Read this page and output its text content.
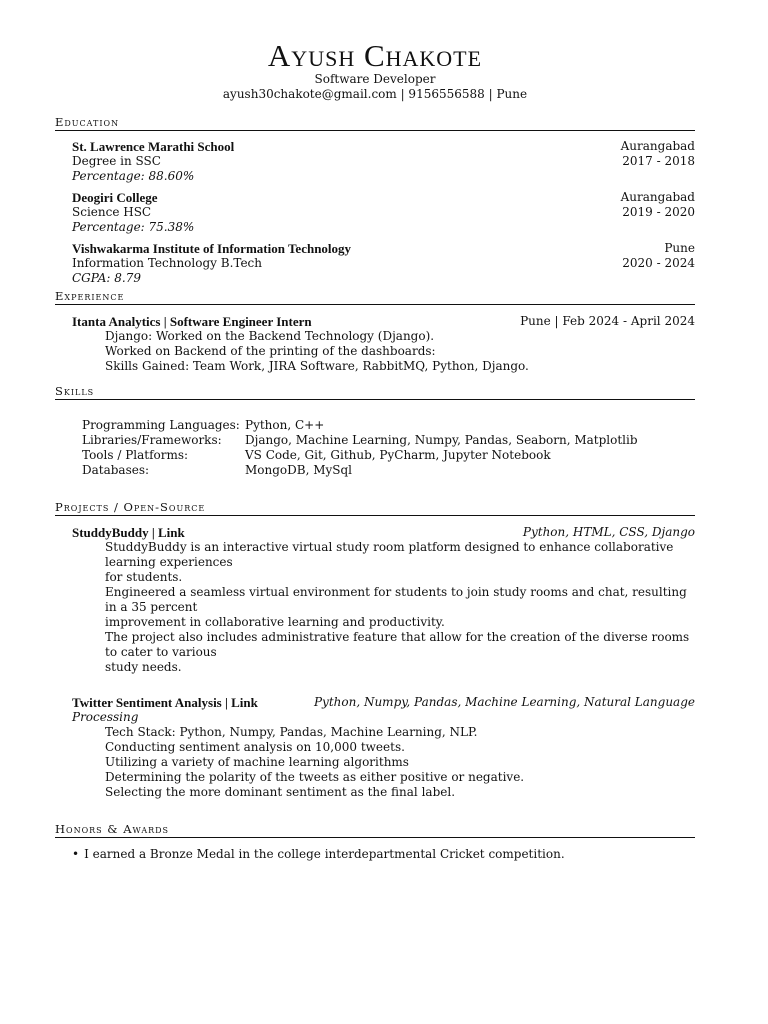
Ayush Chakote
Software Developer
ayush30chakote@gmail.com | 9156556588 | Pune
Education
St. Lawrence Marathi School	Aurangabad
Degree in SSC	2017 - 2018
Percentage: 88.60%
Deogiri College	Aurangabad
Science HSC	2019 - 2020
Percentage: 75.38%
Vishwakarma Institute of Information Technology	Pune
Information Technology B.Tech	2020 - 2024
CGPA: 8.79
Experience
Itanta Analytics | Software Engineer Intern	Pune | Feb 2024 - April 2024
Django: Worked on the Backend Technology (Django).
Worked on Backend of the printing of the dashboards:
Skills Gained: Team Work, JIRA Software, RabbitMQ, Python, Django.
Skills
Programming Languages: Python, C++
Libraries/Frameworks:	Django, Machine Learning, Numpy, Pandas, Seaborn, Matplotlib
Tools / Platforms:	VS Code, Git, Github, PyCharm, Jupyter Notebook
Databases:	MongoDB, MySql
Projects / Open-Source
StuddyBuddy | Link	Python, HTML, CSS, Django
StuddyBuddy is an interactive virtual study room platform designed to enhance collaborative learning experiences
for students.
Engineered a seamless virtual environment for students to join study rooms and chat, resulting in a 35 percent
improvement in collaborative learning and productivity.
The project also includes administrative feature that allow for the creation of the diverse rooms to cater to various
study needs.
Twitter Sentiment Analysis | Link	Python, Numpy, Pandas, Machine Learning, Natural Language
Processing
Tech Stack: Python, Numpy, Pandas, Machine Learning, NLP.
Conducting sentiment analysis on 10,000 tweets.
Utilizing a variety of machine learning algorithms
Determining the polarity of the tweets as either positive or negative.
Selecting the more dominant sentiment as the final label.
Honors & Awards
• I earned a Bronze Medal in the college interdepartmental Cricket competition.
